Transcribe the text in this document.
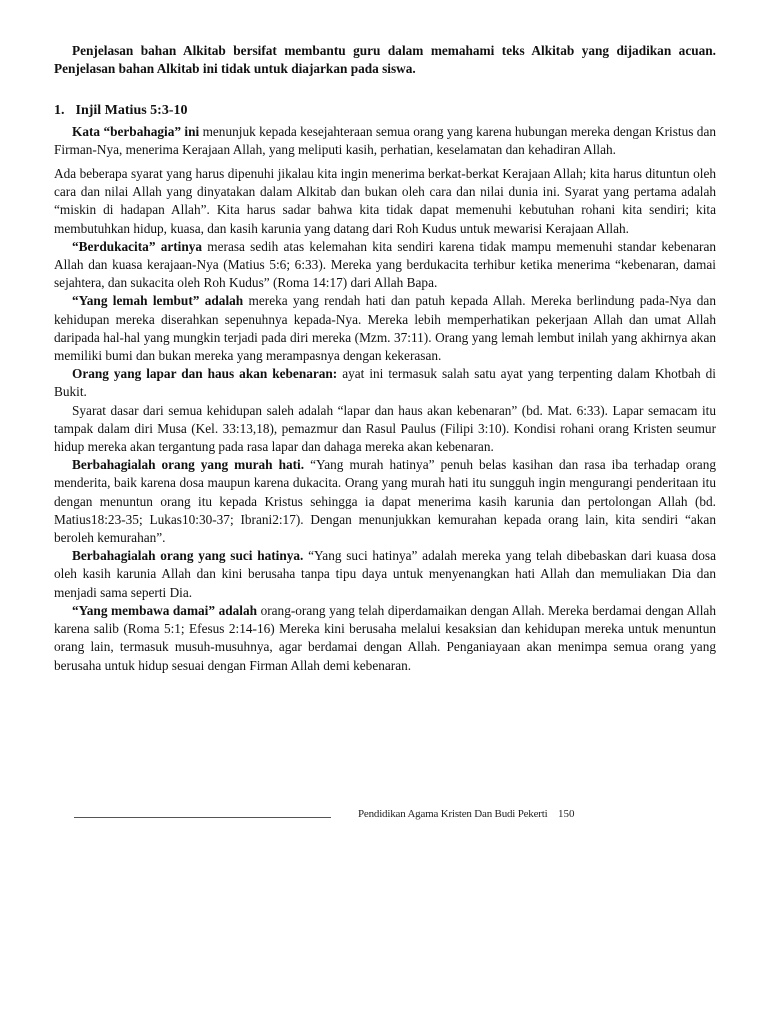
Penjelasan bahan Alkitab bersifat membantu guru dalam memahami teks Alkitab yang dijadikan acuan. Penjelasan bahan Alkitab ini tidak untuk diajarkan pada siswa.

1. Injil Matius 5:3-10

Kata “berbahagia” ini menunjuk kepada kesejahteraan semua orang yang karena hubungan mereka dengan Kristus dan Firman-Nya, menerima Kerajaan Allah, yang meliputi kasih, perhatian, keselamatan dan kehadiran Allah.

Ada beberapa syarat yang harus dipenuhi jikalau kita ingin menerima berkat-berkat Kerajaan Allah; kita harus dituntun oleh cara dan nilai Allah yang dinyatakan dalam Alkitab dan bukan oleh cara dan nilai dunia ini. Syarat yang pertama adalah “miskin di hadapan Allah”. Kita harus sadar bahwa kita tidak dapat memenuhi kebutuhan rohani kita sendiri; kita membutuhkan hidup, kuasa, dan kasih karunia yang datang dari Roh Kudus untuk mewarisi Kerajaan Allah.

“Berdukacita” artinya merasa sedih atas kelemahan kita sendiri karena tidak mampu memenuhi standar kebenaran Allah dan kuasa kerajaan-Nya (Matius 5:6; 6:33). Mereka yang berdukacita terhibur ketika menerima “kebenaran, damai sejahtera, dan sukacita oleh Roh Kudus” (Roma 14:17) dari Allah Bapa.

“Yang lemah lembut” adalah mereka yang rendah hati dan patuh kepada Allah. Mereka berlindung pada-Nya dan kehidupan mereka diserahkan sepenuhnya kepada-Nya. Mereka lebih memperhatikan pekerjaan Allah dan umat Allah daripada hal-hal yang mungkin terjadi pada diri mereka (Mzm. 37:11). Orang yang lemah lembut inilah yang akhirnya akan memiliki bumi dan bukan mereka yang merampasnya dengan kekerasan.

Orang yang lapar dan haus akan kebenaran: ayat ini termasuk salah satu ayat yang terpenting dalam Khotbah di Bukit.

Syarat dasar dari semua kehidupan saleh adalah “lapar dan haus akan kebenaran” (bd. Mat. 6:33). Lapar semacam itu tampak dalam diri Musa (Kel. 33:13,18), pemazmur dan Rasul Paulus (Filipi 3:10). Kondisi rohani orang Kristen seumur hidup mereka akan tergantung pada rasa lapar dan dahaga mereka akan kebenaran.

Berbahagialah orang yang murah hati. “Yang murah hatinya” penuh belas kasihan dan rasa iba terhadap orang menderita, baik karena dosa maupun karena dukacita. Orang yang murah hati itu sungguh ingin mengurangi penderitaan itu dengan menuntun orang itu kepada Kristus sehingga ia dapat menerima kasih karunia dan pertolongan Allah (bd. Matius18:23-35; Lukas10:30-37; Ibrani2:17). Dengan menunjukkan kemurahan kepada orang lain, kita sendiri “akan beroleh kemurahan”.

Berbahagialah orang yang suci hatinya. “Yang suci hatinya” adalah mereka yang telah dibebaskan dari kuasa dosa oleh kasih karunia Allah dan kini berusaha tanpa tipu daya untuk menyenangkan hati Allah dan memuliakan Dia dan menjadi sama seperti Dia.

“Yang membawa damai” adalah orang-orang yang telah diperdamaikan dengan Allah. Mereka berdamai dengan Allah karena salib (Roma 5:1; Efesus 2:14-16) Mereka kini berusaha melalui kesaksian dan kehidupan mereka untuk menuntun orang lain, termasuk musuh-musuhnya, agar berdamai dengan Allah. Penganiayaan akan menimpa semua orang yang berusaha untuk hidup sesuai dengan Firman Allah demi kebenaran.

Pendidikan Agama Kristen Dan Budi Pekerti 150
